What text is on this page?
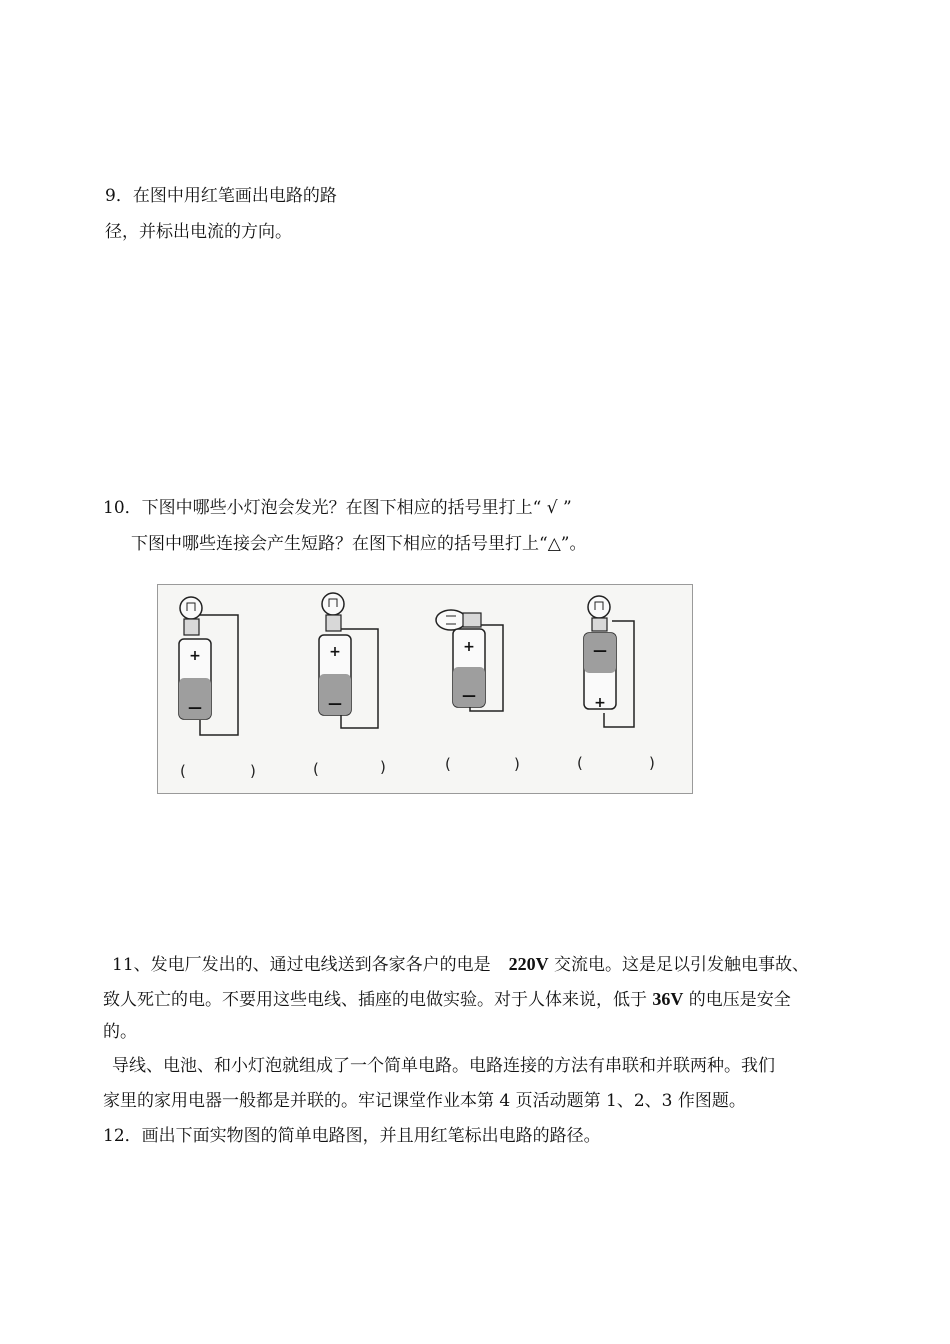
9．在图中用红笔画出电路的路
径，并标出电流的方向。
10．下图中哪些小灯泡会发光？在图下相应的括号里打上“ √ ”
下图中哪些连接会产生短路？在图下相应的括号里打上“△”。
+
—
(	)
+
—
(	)
+
—
(	)
—
+
(	)
11、发电厂发出的、通过电线送到各家各户的电是 220V 交流电。这是足以引发触电事故、
致人死亡的电。不要用这些电线、插座的电做实验。对于人体来说，低于 36V 的电压是安全
的。
导线、电池、和小灯泡就组成了一个简单电路。电路连接的方法有串联和并联两种。我们
家里的家用电器一般都是并联的。牢记课堂作业本第 4 页活动题第 1、2、3 作图题。
12．画出下面实物图的简单电路图，并且用红笔标出电路的路径。
